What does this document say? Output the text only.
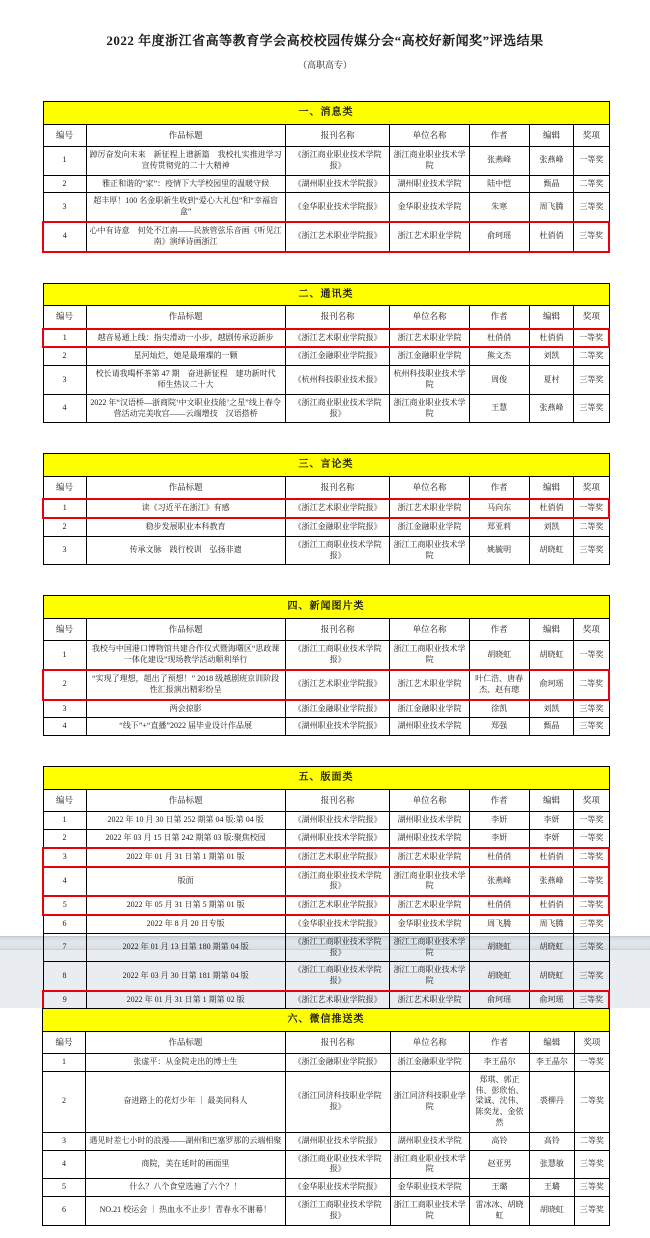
2022 年度浙江省高等教育学会高校校园传媒分会“高校好新闻奖”评选结果
（高职高专）
一、消息类						
编号	作品标题	报刊名称	单位名称	作者	编辑	奖项
1	踔厉奋发向未来　新征程上谱新篇　我校扎实推进学习宣传贯彻党的二十大精神	《浙江商业职业技术学院报》	浙江商业职业技术学院	张燕峰	张燕峰	一等奖
2	雅正和谐的“家”：疫情下大学校园里的温暖守候	《湖州职业技术学院报》	湖州职业技术学院	陆中恺	甄晶	二等奖
3	超丰厚！100 名金职新生收到“爱心大礼包”和“幸福盲盒”	《金华职业技术学院报》	金华职业技术学院	朱寒	周飞腾	三等奖
4	心中有诗意　何处不江南——民族管弦乐音画《听见江南》演绎诗画浙江	《浙江艺术职业学院报》	浙江艺术职业学院	俞珂瑶	杜俏俏	三等奖
二、通讯类						
编号	作品标题	报刊名称	单位名称	作者	编辑	奖项
1	越音易通上线：指尖滑动一小步，越剧传承迈新步	《浙江艺术职业学院报》	浙江艺术职业学院	杜俏俏	杜俏俏	一等奖
2	星河灿烂，她是最璀璨的一颗	《浙江金融职业学院报》	浙江金融职业学院	熊文杰	刘凯	二等奖
3	校长请我喝杯茶第 47 期　奋进新征程　建功新时代　师生热议二十大	《杭州科技职业技术报》	杭州科技职业技术学院	周俊	夏村	三等奖
4	2022 年“汉语桥—浙商院‘中文职业技能’之星”线上春令营活动完美收官——云端增技　汉语搭桥	《浙江商业职业技术学院报》	浙江商业职业技术学院	王慧	张燕峰	三等奖
三、言论类						
编号	作品标题	报刊名称	单位名称	作者	编辑	奖项
1	读《习近平在浙江》有感	《浙江艺术职业学院报》	浙江艺术职业学院	马向东	杜俏俏	一等奖
2	稳步发展职业本科教育	《浙江金融职业学院报》	浙江金融职业学院	郑亚莉	刘凯	二等奖
3	传承文脉　践行校训　弘扬非遗	《浙江工商职业技术学院报》	浙江工商职业技术学院	姚毓明	胡晓虹	三等奖
四、新闻图片类						
编号	作品标题	报刊名称	单位名称	作者	编辑	奖项
1	我校与中国港口博物馆共建合作仪式暨海曙区“思政课一体化建设”现场教学活动顺利举行	《浙江工商职业技术学院报》	浙江工商职业技术学院	胡晓虹	胡晓虹	一等奖
2	“实现了理想，超出了预想！” 2018 级越剧班京训阶段性汇报演出精彩纷呈	《浙江艺术职业学院报》	浙江艺术职业学院	叶仁浩、唐春杰、赵有璁	俞珂瑶	二等奖
3	两会掠影	《浙江金融职业学院报》	浙江金融职业学院	徐凯	刘凯	三等奖
4	“线下”+“直播”2022 届毕业设计作品展	《湖州职业技术学院报》	湖州职业技术学院	郑强	甄晶	三等奖
五、版面类						
编号	作品标题	报刊名称	单位名称	作者	编辑	奖项
1	2022 年 10 月 30 日第 252 期第 04 版:第 04 版	《湖州职业技术学院报》	湖州职业技术学院	李妍	李妍	一等奖
2	2022 年 03 月 15 日第 242 期第 03 版:聚焦校园	《湖州职业技术学院报》	湖州职业技术学院	李妍	李妍	一等奖
3	2022 年 01 月 31 日第 1 期第 01 版	《浙江艺术职业学院报》	浙江艺术职业学院	杜俏俏	杜俏俏	二等奖
4	版面	《浙江商业职业技术学院报》	浙江商业职业技术学院	张燕峰	张燕峰	二等奖
5	2022 年 05 月 31 日第 5 期第 01 版	《浙江艺术职业学院报》	浙江艺术职业学院	杜俏俏	杜俏俏	二等奖
6	2022 年 8 月 20 日专版	《金华职业技术学院报》	金华职业技术学院	周飞腾	周飞腾	三等奖
7	2022 年 01 月 13 日第 180 期第 04 版	《浙江工商职业技术学院报》	浙江工商职业技术学院	胡晓虹	胡晓虹	三等奖
8	2022 年 03 月 30 日第 181 期第 04 版	《浙江工商职业技术学院报》	浙江工商职业技术学院	胡晓虹	胡晓虹	三等奖
9	2022 年 01 月 31 日第 1 期第 02 版	《浙江艺术职业学院报》	浙江艺术职业学院	俞珂瑶	俞珂瑶	三等奖
六、微信推送类						
编号	作品标题	报刊名称	单位名称	作者	编辑	奖项
1	张虚平：从金院走出的博士生	《浙江金融职业学院报》	浙江金融职业学院	李王晶尔	李王晶尔	一等奖
2	奋进路上的花灯少年 ｜ 最美同科人	《浙江同济科技职业学院报》	浙江同济科技职业学院	郑琪、郭正伟、彭欣怡、梁诚、沈伟、陈奕龙、金依然	裘柳丹	二等奖
3	遇见时差七小时的浪漫——湖州和巴塞罗那的云端相聚	《湖州职业技术学院报》	湖州职业技术学院	高铃	高铃	二等奖
4	商院，美在延时的画面里	《浙江商业职业技术学院报》	浙江商业职业技术学院	赵亚男	张慧敏	三等奖
5	什么？八个食堂选遍了六个？！	《金华职业技术学院报》	金华职业技术学院	王璐	王璐	三等奖
6	NO.21 校运会 ｜ 热血永不止步！青春永不谢幕！	《浙江工商职业技术学院报》	浙江工商职业技术学院	雷冰冰、胡晓虹	胡晓虹	三等奖
